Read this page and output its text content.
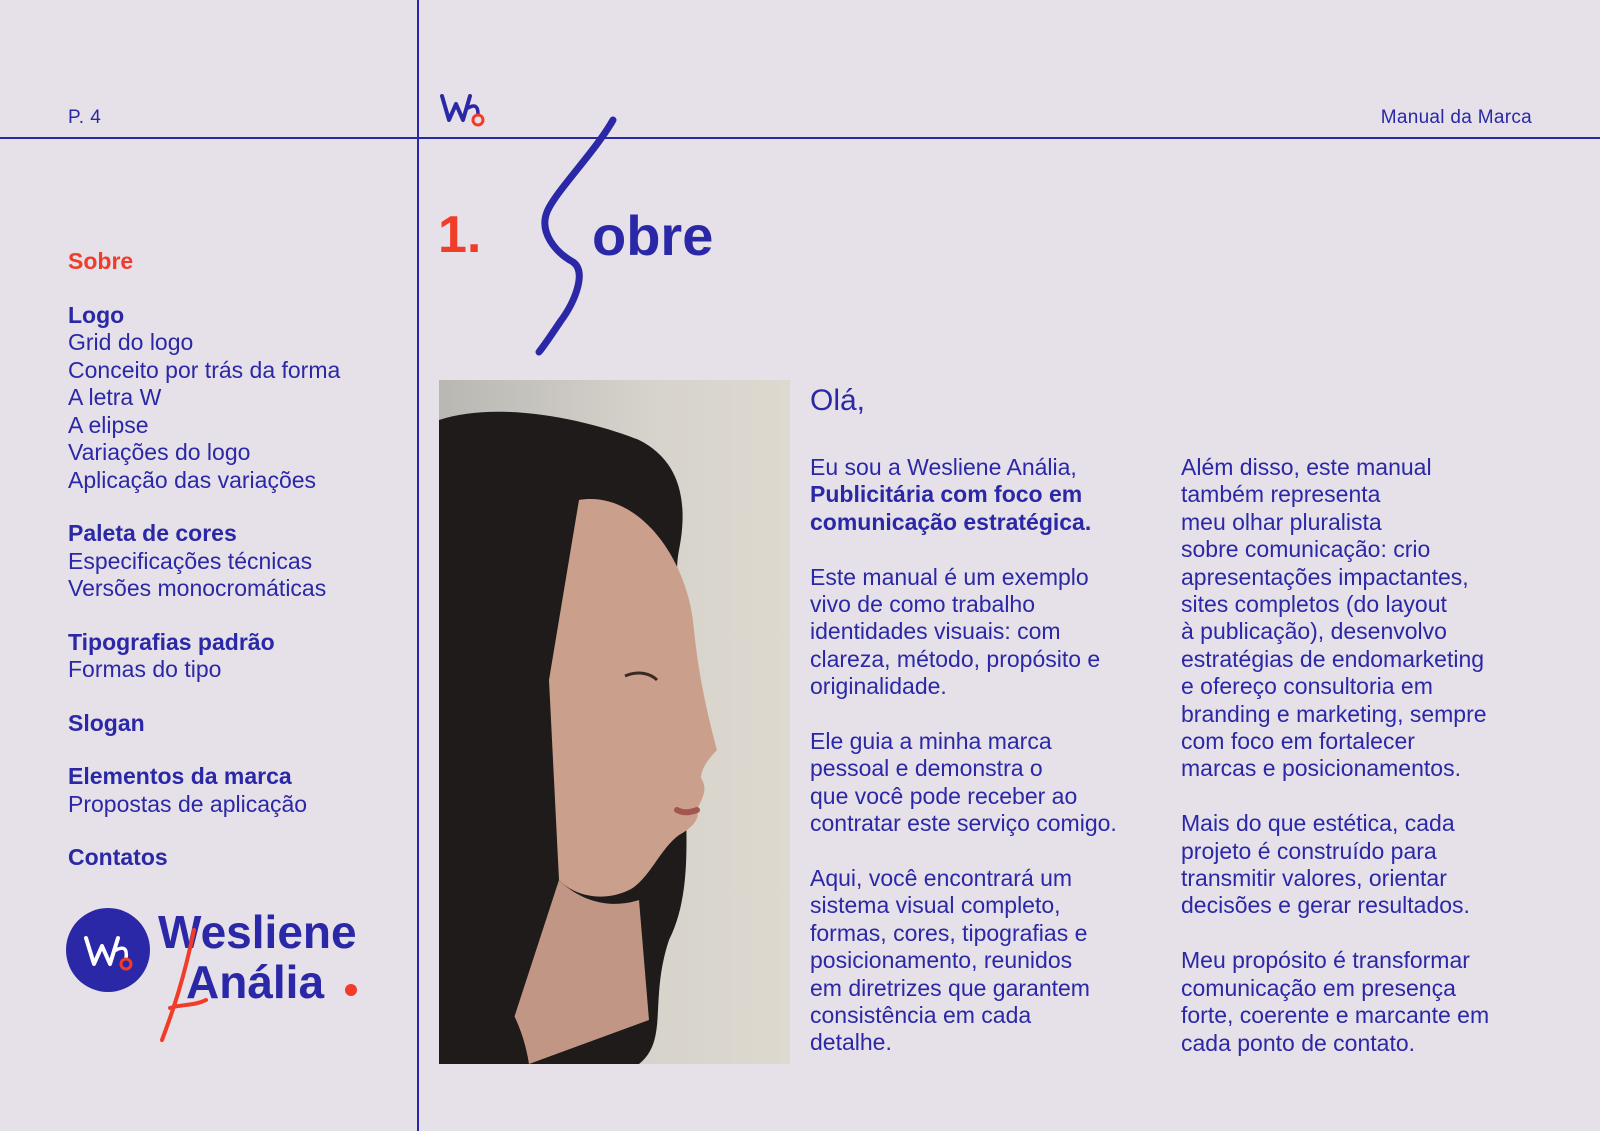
P. 4	Manual da Marca
1. obre
Sobre
Logo
Grid do logo
Conceito por trás da forma
A letra W
A elipse
Variações do logo
Aplicação das variações
Paleta de cores
Especificações técnicas
Versões monocromáticas
Tipografias padrão
Formas do tipo
Slogan
Elementos da marca
Propostas de aplicação
Contatos
Wesliene
Anália
Olá,

Eu sou a Wesliene Anália,
Publicitária com foco em
comunicação estratégica.

Este manual é um exemplo
vivo de como trabalho
identidades visuais: com
clareza, método, propósito e
originalidade.

Ele guia a minha marca
pessoal e demonstra o
que você pode receber ao
contratar este serviço comigo.

Aqui, você encontrará um
sistema visual completo,
formas, cores, tipografias e
posicionamento, reunidos
em diretrizes que garantem
consistência em cada
detalhe.

Além disso, este manual
também representa
meu olhar pluralista
sobre comunicação: crio
apresentações impactantes,
sites completos (do layout
à publicação), desenvolvo
estratégias de endomarketing
e ofereço consultoria em
branding e marketing, sempre
com foco em fortalecer
marcas e posicionamentos.

Mais do que estética, cada
projeto é construído para
transmitir valores, orientar
decisões e gerar resultados.

Meu propósito é transformar
comunicação em presença
forte, coerente e marcante em
cada ponto de contato.
